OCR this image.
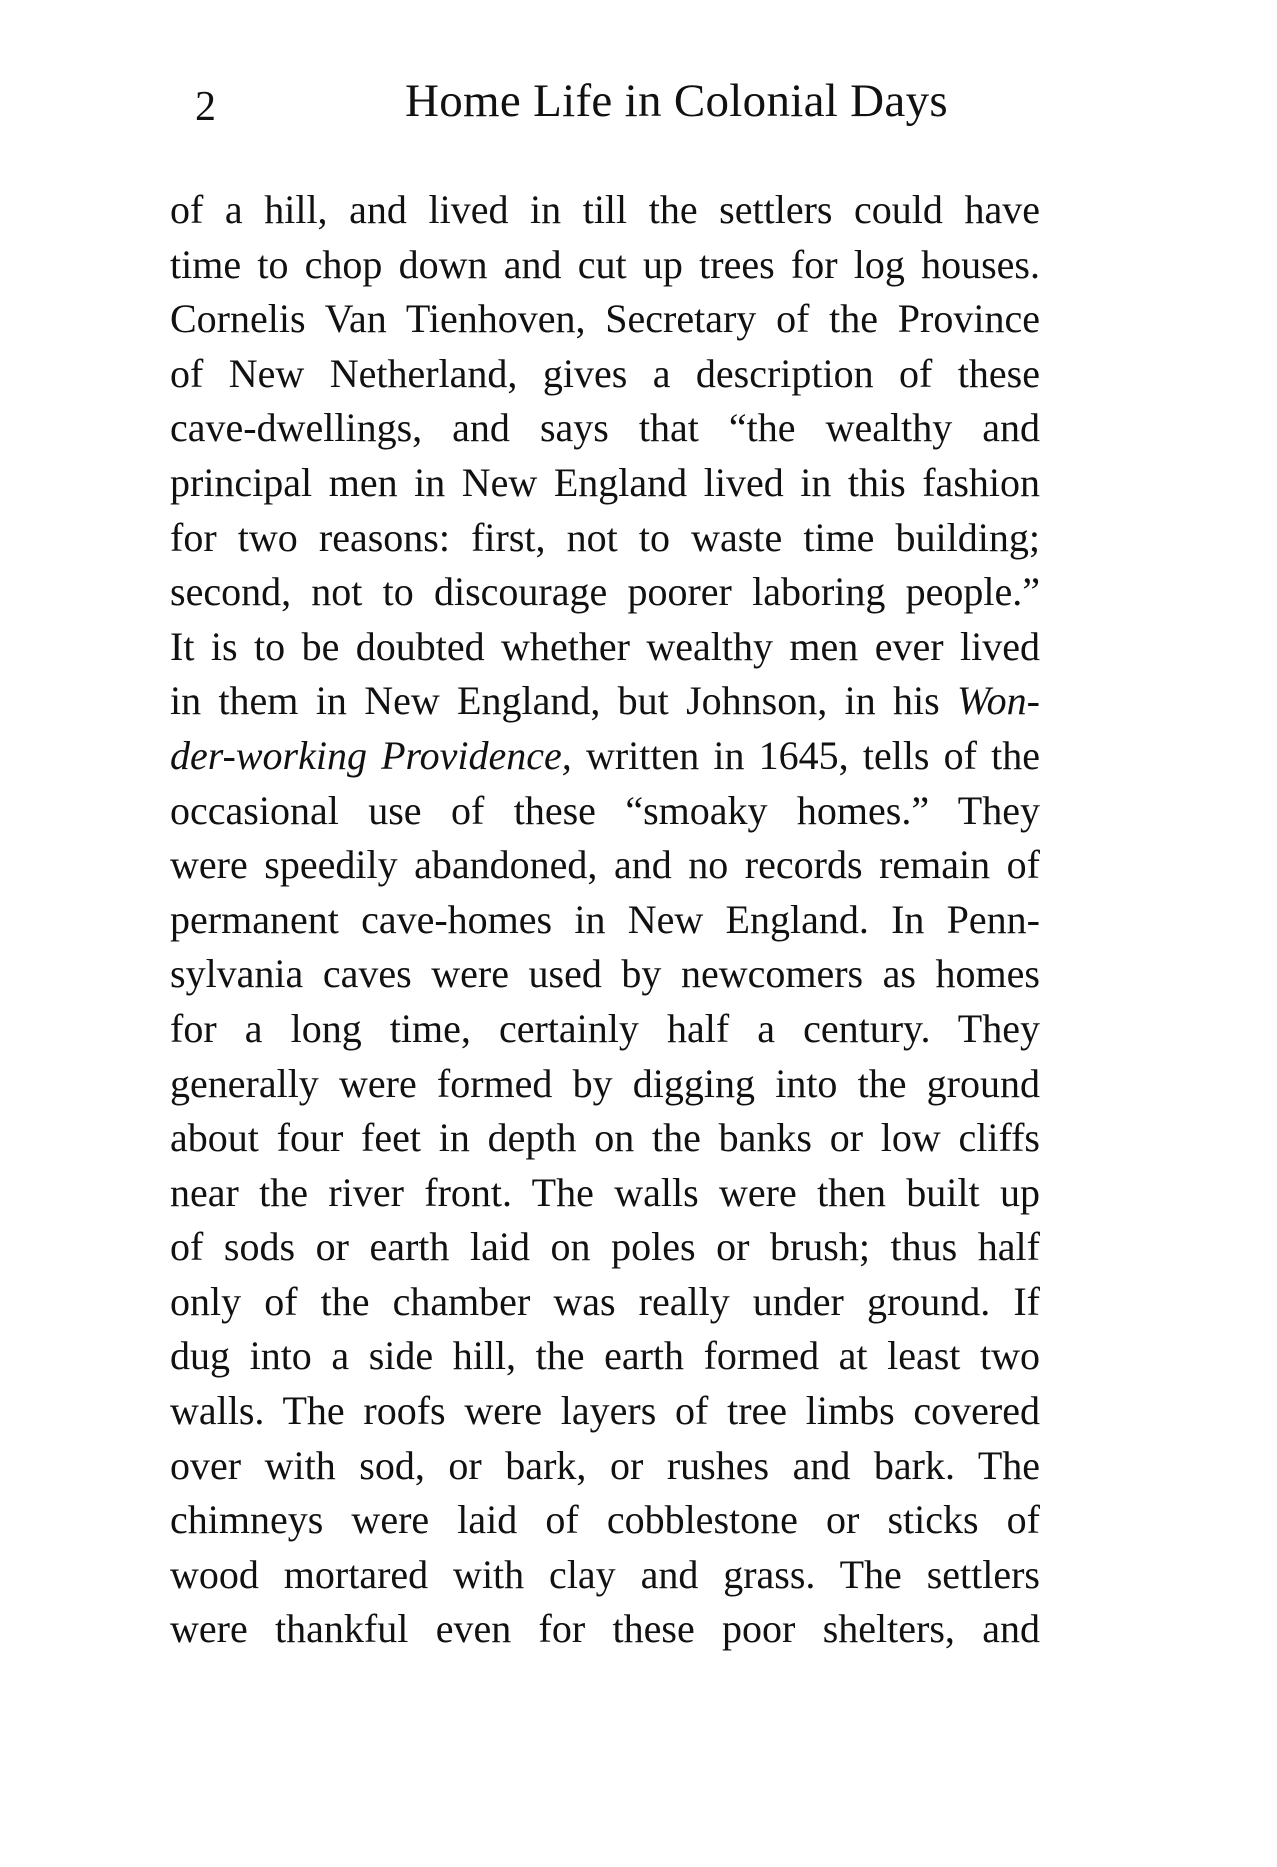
2	Home Life in Colonial Days
of a hill, and lived in till the settlers could have
time to chop down and cut up trees for log houses.
Cornelis Van Tienhoven, Secretary of the Province
of New Netherland, gives a description of these
cave-dwellings, and says that “the wealthy and
principal men in New England lived in this fashion
for two reasons: first, not to waste time building;
second, not to discourage poorer laboring people.”
It is to be doubted whether wealthy men ever lived
in them in New England, but Johnson, in his Won-
der-working Providence, written in 1645, tells of the
occasional use of these “smoaky homes.” They
were speedily abandoned, and no records remain of
permanent cave-homes in New England. In Penn-
sylvania caves were used by newcomers as homes
for a long time, certainly half a century. They
generally were formed by digging into the ground
about four feet in depth on the banks or low cliffs
near the river front. The walls were then built up
of sods or earth laid on poles or brush; thus half
only of the chamber was really under ground. If
dug into a side hill, the earth formed at least two
walls. The roofs were layers of tree limbs covered
over with sod, or bark, or rushes and bark. The
chimneys were laid of cobblestone or sticks of
wood mortared with clay and grass. The settlers
were thankful even for these poor shelters, and
